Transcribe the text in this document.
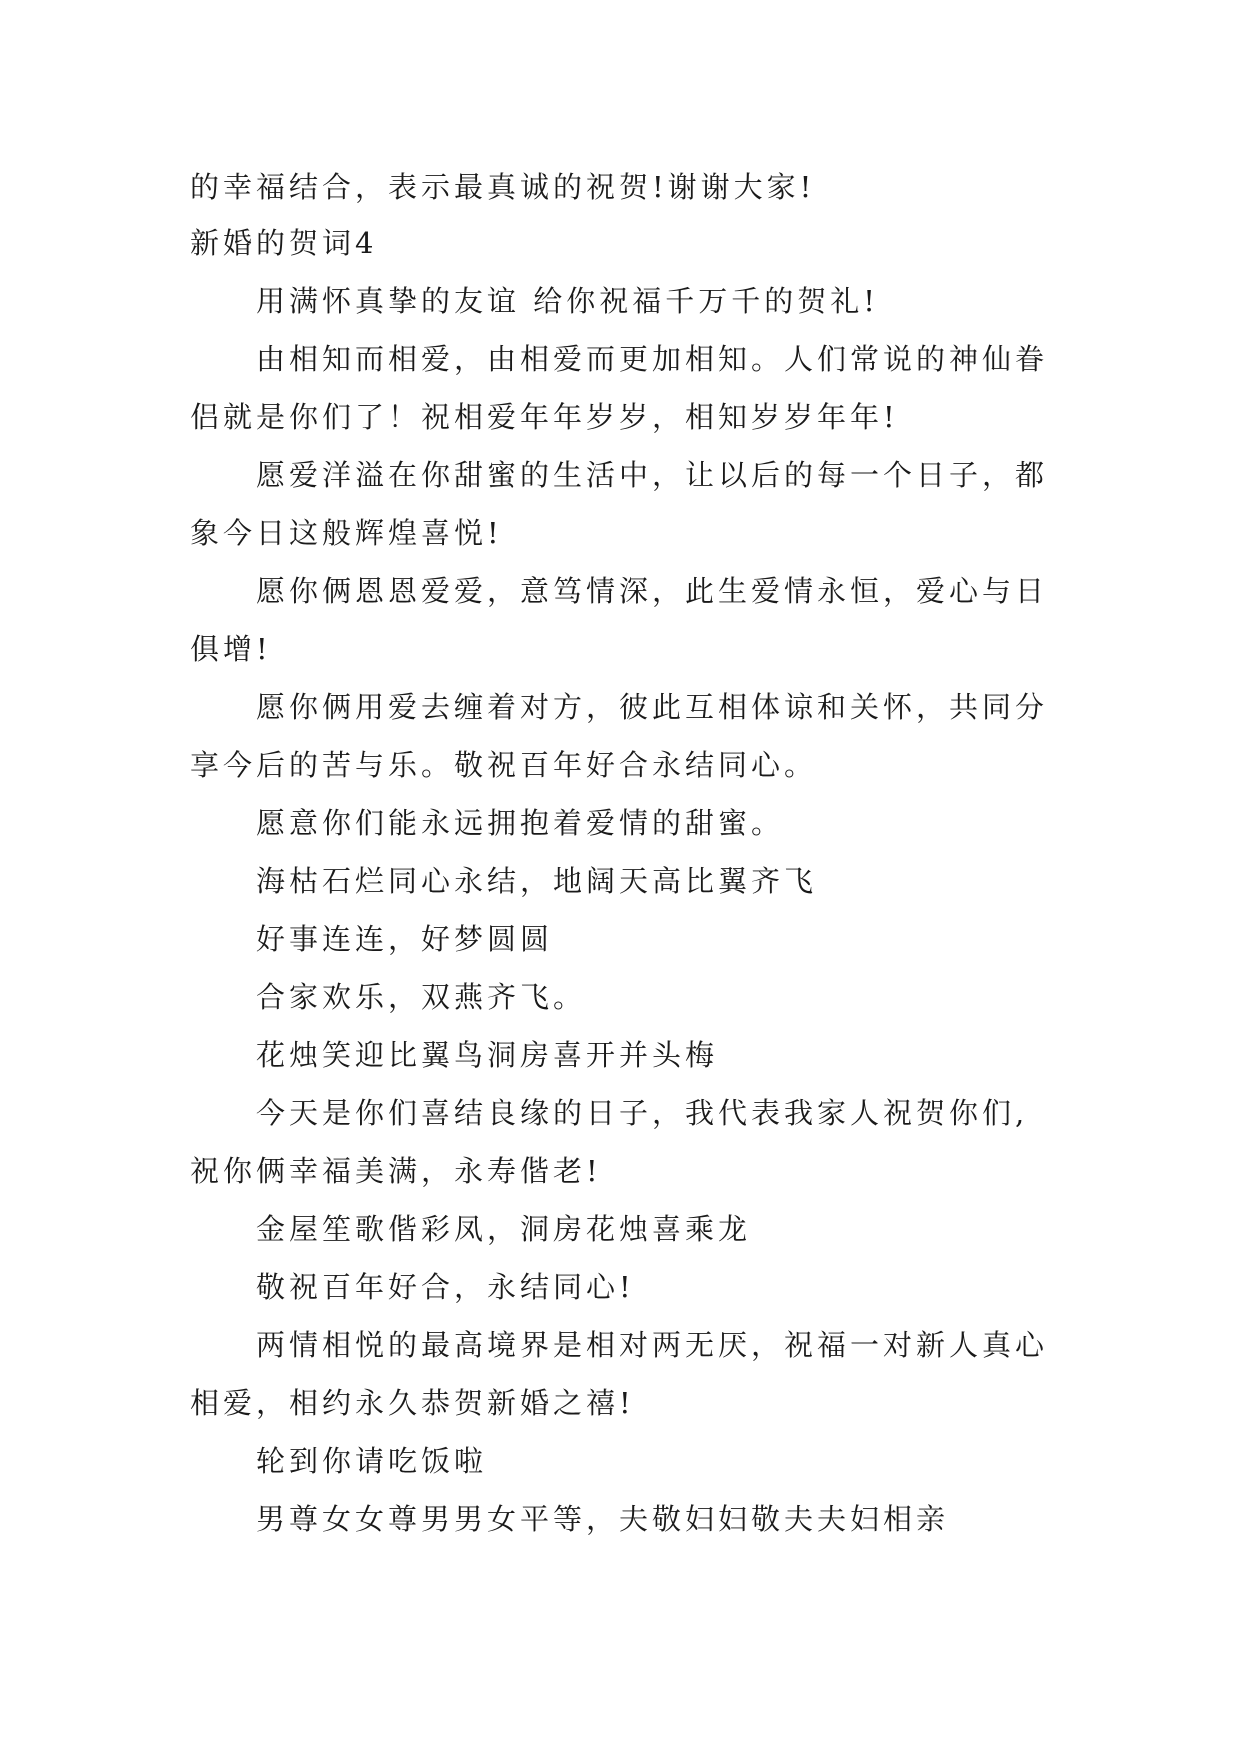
的幸福结合，表示最真诚的祝贺!谢谢大家!
新婚的贺词4
用满怀真挚的友谊 给你祝福千万千的贺礼!
由相知而相爱，由相爱而更加相知。人们常说的神仙眷
侣就是你们了！祝相爱年年岁岁，相知岁岁年年!
愿爱洋溢在你甜蜜的生活中，让以后的每一个日子，都
象今日这般辉煌喜悦!
愿你俩恩恩爱爱，意笃情深，此生爱情永恒，爱心与日
俱增!
愿你俩用爱去缠着对方，彼此互相体谅和关怀，共同分
享今后的苦与乐。敬祝百年好合永结同心。
愿意你们能永远拥抱着爱情的甜蜜。
海枯石烂同心永结，地阔天高比翼齐飞
好事连连，好梦圆圆
合家欢乐，双燕齐飞。
花烛笑迎比翼鸟洞房喜开并头梅
今天是你们喜结良缘的日子，我代表我家人祝贺你们,
祝你俩幸福美满，永寿偕老!
金屋笙歌偕彩凤，洞房花烛喜乘龙
敬祝百年好合，永结同心!
两情相悦的最高境界是相对两无厌，祝福一对新人真心
相爱，相约永久恭贺新婚之禧!
轮到你请吃饭啦
男尊女女尊男男女平等，夫敬妇妇敬夫夫妇相亲
